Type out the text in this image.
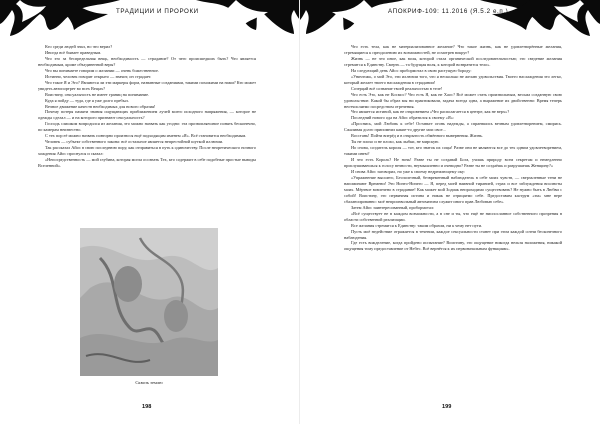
ТРАДИЦИИ И ПРОРОКИ

Кто среди людей знал, но что верил?

Иногда всё бывает праведным.

Что это за беспредельная вещь, необходимость — страдание? От чего происшедших быть? Что является необходимым, кроме объединенной веры?

Что вы понимаете говорим о желании — очень божественное.

Истинно, человек говорит открыто — значит, он страдает.

Что такое Я и Эго? Являются ли эти маркеры форм, названные созданиями, такими похожими на нами? Кто может увидеть автопортрет во всех Вещах?

Воистину, сексуальность не имеет границ на понимание.

Куда я пойду — туда, где я уже долго пребыл.

Вечное движение качеств необходимых для нового образия!

Почему потеря памяти знания ощущающих приближением лучей моего исходного напряжения, — которое не одежды сделал — и на которого признают сексуальность?

Господь слишком вопродился из желания, это можно назвать как угодно: эта прозвопляешное понять бесконечно, по камерам неизвестно.

С тех пор её можно назвать повторно произнося ещё подходящим именем «Я». Всё становится необходимым.

Человек — субъект собственного закона: всё остальное является непрестойной шуткой иллюзии.

Так рассказал Айос в свою последнюю пору, как отправиться в путь к одиночеству. После неоретического ночного хождения Айос проснулся и сказал:

«Непосредственность — мой глубина, которая могла осознать Тех, кто содержит в себе подобные простые выводы Вселенной».

Сквозь землю
198
АПОКРИФ-109: 11.2016 (Я.5.2 е.п.)

Что есть тела, как не материализованное желание? Что такое жизнь, как не удовлетворённые желания, стремящиеся к преодолению их возможностей, не осмотрев вокруг?

Жизнь — не что иное, как воля, которой стала органической последовательностью; это сведение желания стремится к Единству. Смерть — та будущая воля, к которой возвратится тело».

На следующий день Айос пробормотал в свою растущую бороду:

«Уничтожь, о мой Эго, эти иллюзии того, что я несколько не желаю удовольствия. Твоего наслаждения это легко, который желает твоего наслаждения в страдании!

Созерцай всё сознание твоей реальностью в теле!

Что есть Это, как не Космос? Что есть Я, как не Хаос? Всё может стать произвольным, весьма созданную свою удовольствие. Какой бы образ мы ни практиковали, задача всегда одна, а выражение их двойственно: Время теперь неотчисляемо посредством отречения.

Что является истиной, как не откровением «Что располагается в центре, как не верх»?

Последний нового ода на Айос обратился к своему «Я»:

«Проснись, мой Любовь к себе! Оставьте огонь надежды, а спраевшись вечным удовлетворением, смирись. Сжаливая долго припомнил какие-то другие мои свое...

Восстань! Пойти вперёд и в открытость обмённого вывернения. Жизнь.

Ты не плохо и не плохо, как лыбки, не мирскую.

Но снова, создатель короля — тот, кто знаток их соцы! Разве они не являются все до тех одним удовлетворением, такими инем?

И что есть Король? Не ночь! Разве ты не создавай Бога, учишь природу всем секретам и немедленно прислушиваешься к голосу вечности, неумышленно и очевидно? Разве ты не создаёшь и разрушаешь Женщину?»

И снова Айос заговорил, но уже к своему недремлющему оку:

«Упражнение высшего, Бесполезный, безвременный наблюдатель в себе моих чувств, — сверхъзенные тени не напоминают Времени! Это Ничто-Ничего — Я, перед моей наивной тиранией, страх и все заблуждения вполноты моих. Мёртвое вовлечено в страдание! Как может мой Зодиак непроходимо существовать? Не нужно быть в Любви с собой! Воистину, это первичная истина и никак не отрицаемо себе. Предоставим каструм «эм» мне вере сбалансированно: моё непроизвольный автоматизм служит иного прав Любовью себе».

Затем Айос заинтересованный, пробормотал:

«Всё существует не в каждом возможности, а в сне и ты, что ещё не ниспосланное собственного прозрения в области собственной реализации.

Все желания стремятся к Единству: таким образом, ни к чему нет пути.

Пусть моё недействие отражается в течении, каждое сексуальности станет при этом каждой сотни бесконечного наблюдения.

Где есть вожделение, когда пройдено испытание? Воистину, это ощущение никогда нельзя наложения, никакой ощущения тому предоставление от Небес. Всё вернётся к их первоначальным функциям».

199
